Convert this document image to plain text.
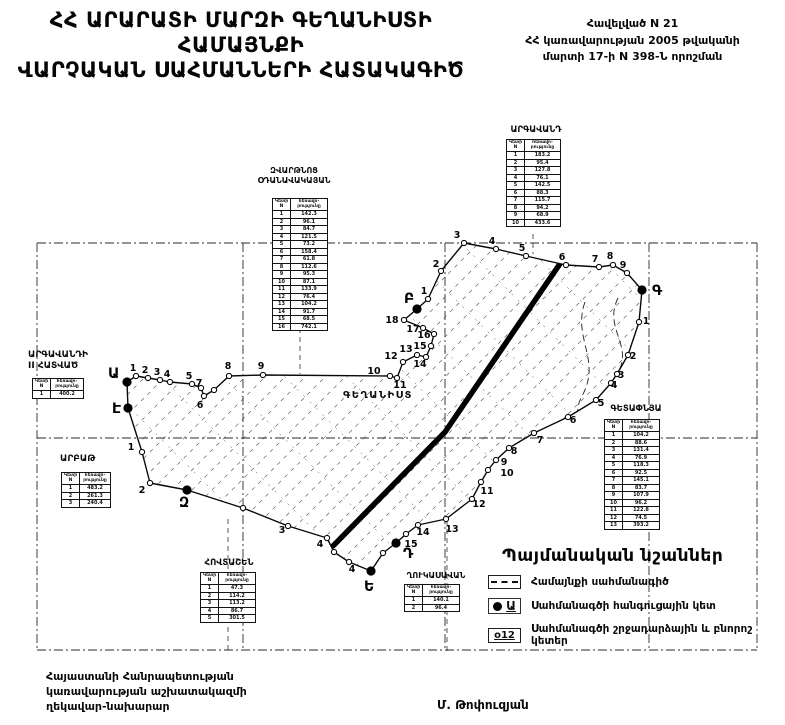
ՀՀ ԱՐԱՐԱՏԻ ՄԱՐԶԻ ԳԵՂԱՆԻՍՏԻ ՀԱՄԱՅՆՔԻ
ՎԱՐՉԱԿԱՆ ՍԱՀՄԱՆՆԵՐԻ ՀԱՏԱԿԱԳԻԾ
Հավելված N 21
ՀՀ կառավարության 2005 թվականի
մարտի 17-ի N 398-Ն որոշման
1 2 3 4 5
7
6
8	9	10
11
12
13
14
15
16
17
18
1
2
3
4
5
6	7 8
9
1
2
3
4
5
6
7
8
9
10
11
12
13
14
15
3
4
4
2
1
Ա
Բ	Գ
Դ
Ե
Զ
Է
ԳԵՂԱՆԻՍՏ
ԶՎԱՐԹՆՈՑ
ՕԴԱՆԱՎԱԿԱՅԱՆ
Կետի
N	հեռավո-
րությունը
1	142.3
2	96.1
3	84.7
4	121.5
5	73.2
6	158.4
7	61.8
8	112.6
9	95.3
10	87.1
11	133.9
12	76.4
13	104.2
14	91.7
15	68.5
16	742.1
ԱՐԳԱՎԱՆԴ
Կետի
N	հեռավո-
րությունը
1	183.2
2	95.4
3	127.8
4	76.1
5	142.5
6	88.3
7	115.7
8	94.2
9	68.9
10	433.6
ԱՐԳԱՎԱՆԴԻ
II ՀԱՏՎԱԾ
Կետի
N	հեռավո-
րությունը
1	400.2
ԱՐԲԱԹ
Կետի
N	հեռավո-
րությունը
1	483.2
2	261.3
3	240.4
ՀՈՎՏԱՇԵՆ
Կետի
N	հեռավո-
րությունը
1	47.3
2	114.2
3	113.2
4	86.7
5	301.5
ՂՈՒԿԱՍԱՎԱՆ
Կետի
N	հեռավո-
րությունը
1	140.1
2	96.4
ԳԵՏԱՓՆՅԱ
Կետի
N	հեռավո-
րությունը
1	104.2
2	88.6
3	131.4
4	76.9
5	118.3
6	92.5
7	145.1
8	83.7
9	107.9
10	96.2
11	122.8
12	74.5
13	393.2
Պայմանական նշաններ
Համայնքի սահմանագիծ
Ա Սահմանագծի հանգուցային կետ
o12	Սահմանագծի շրջադարձային և բնորոշ կետեր
Հայաստանի Հանրապետության
կառավարության աշխատակազմի
ղեկավար-նախարար	Մ. Թոփուզյան
